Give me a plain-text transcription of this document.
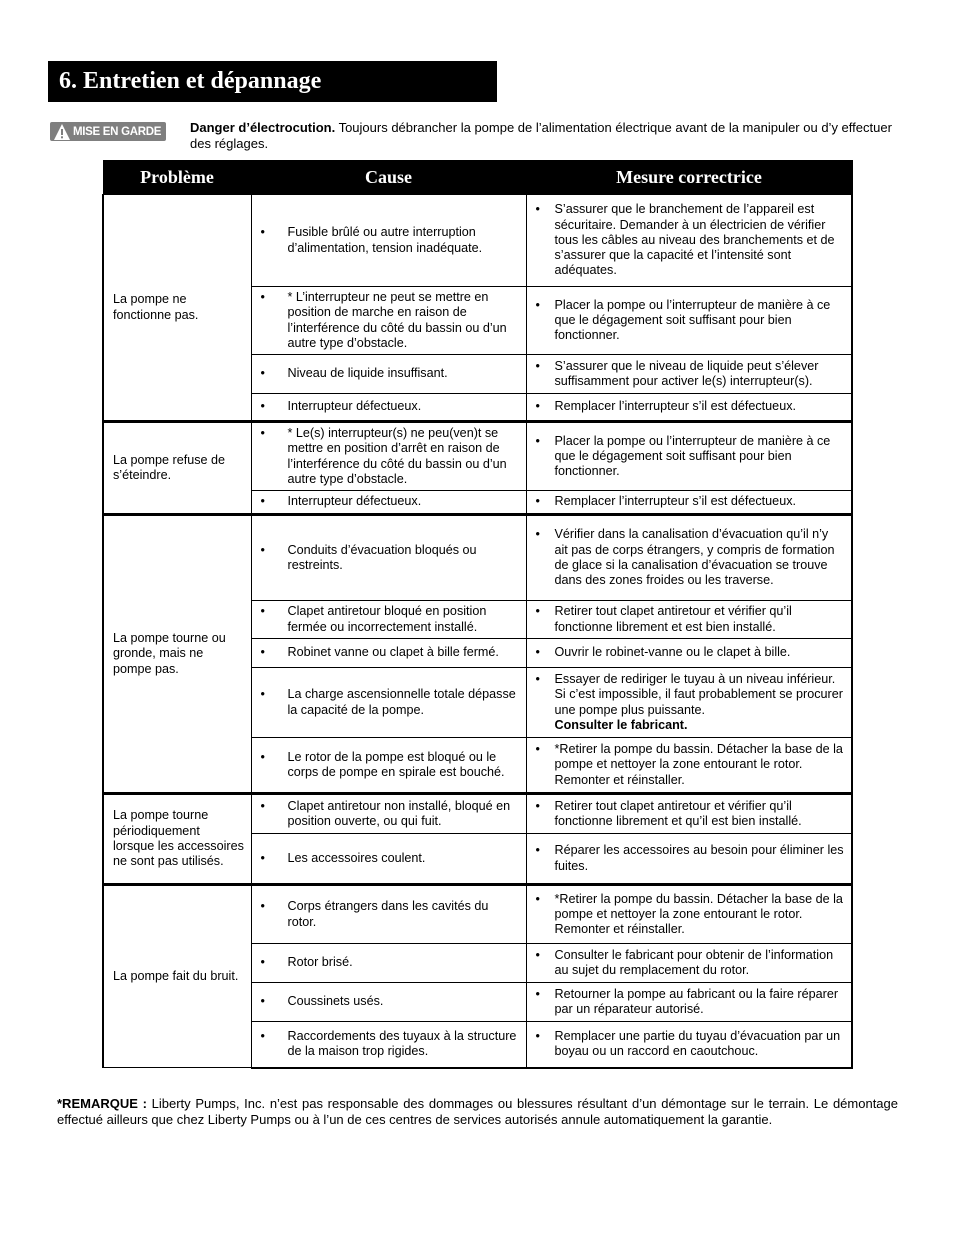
6. Entretien et dépannage
MISE EN GARDE Danger d’électrocution. Toujours débrancher la pompe de l’alimentation électrique avant de la manipuler ou d’y effectuer des réglages.
Problème	Cause	Mesure correctrice
La pompe ne fonctionne pas.	• Fusible brûlé ou autre interruption d’alimentation, tension inadéquate.	• S’assurer que le branchement de l’appareil est sécuritaire. Demander à un électricien de vérifier tous les câbles au niveau des branchements et de s’assurer que la capacité et l’intensité sont adéquates.

	• * L’interrupteur ne peut se mettre en position de marche en raison de l’interférence du côté du bassin ou d’un autre type d’obstacle.	• Placer la pompe ou l’interrupteur de manière à ce que le dégagement soit suffisant pour bien fonctionner.

	• Niveau de liquide insuffisant.	• S’assurer que le niveau de liquide peut s’élever suffisamment pour activer le(s) interrupteur(s).

	• Interrupteur défectueux.	• Remplacer l’interrupteur s’il est défectueux.

La pompe refuse de s’éteindre.	• * Le(s) interrupteur(s) ne peu(ven)t se mettre en position d’arrêt en raison de l’interférence du côté du bassin ou d’un autre type d’obstacle.	• Placer la pompe ou l’interrupteur de manière à ce que le dégagement soit suffisant pour bien fonctionner.

	• Interrupteur défectueux.	• Remplacer l’interrupteur s’il est défectueux.

La pompe tourne ou gronde, mais ne pompe pas.	• Conduits d’évacuation bloqués ou restreints.	• Vérifier dans la canalisation d’évacuation qu’il n’y ait pas de corps étrangers, y compris de formation de glace si la canalisation d’évacuation se trouve dans des zones froides ou les traverse.

	• Clapet antiretour bloqué en position fermée ou incorrectement installé.	• Retirer tout clapet antiretour et vérifier qu’il fonctionne librement et est bien installé.

	• Robinet vanne ou clapet à bille fermé.	• Ouvrir le robinet-vanne ou le clapet à bille.

	• La charge ascensionnelle totale dépasse la capacité de la pompe.	• Essayer de rediriger le tuyau à un niveau inférieur. Si c’est impossible, il faut probablement se procurer une pompe plus puissante.
Consulter le fabricant.

	• Le rotor de la pompe est bloqué ou le corps de pompe en spirale est bouché.	• *Retirer la pompe du bassin. Détacher la base de la pompe et nettoyer la zone entourant le rotor. Remonter et réinstaller.

La pompe tourne périodiquement lorsque les accessoires ne sont pas utilisés.	• Clapet antiretour non installé, bloqué en position ouverte, ou qui fuit.	• Retirer tout clapet antiretour et vérifier qu’il fonctionne librement et qu’il est bien installé.

	• Les accessoires coulent.	• Réparer les accessoires au besoin pour éliminer les fuites.

La pompe fait du bruit.	• Corps étrangers dans les cavités du rotor.	• *Retirer la pompe du bassin. Détacher la base de la pompe et nettoyer la zone entourant le rotor. Remonter et réinstaller.

	• Rotor brisé.	• Consulter le fabricant pour obtenir de l’information au sujet du remplacement du rotor.

	• Coussinets usés.	• Retourner la pompe au fabricant ou la faire réparer par un réparateur autorisé.

	• Raccordements des tuyaux à la structure de la maison trop rigides.	• Remplacer une partie du tuyau d’évacuation par un boyau ou un raccord en caoutchouc.
*REMARQUE : Liberty Pumps, Inc. n’est pas responsable des dommages ou blessures résultant d’un démontage sur le terrain. Le démontage effectué ailleurs que chez Liberty Pumps ou à l’un de ces centres de services autorisés annule automatiquement la garantie.
